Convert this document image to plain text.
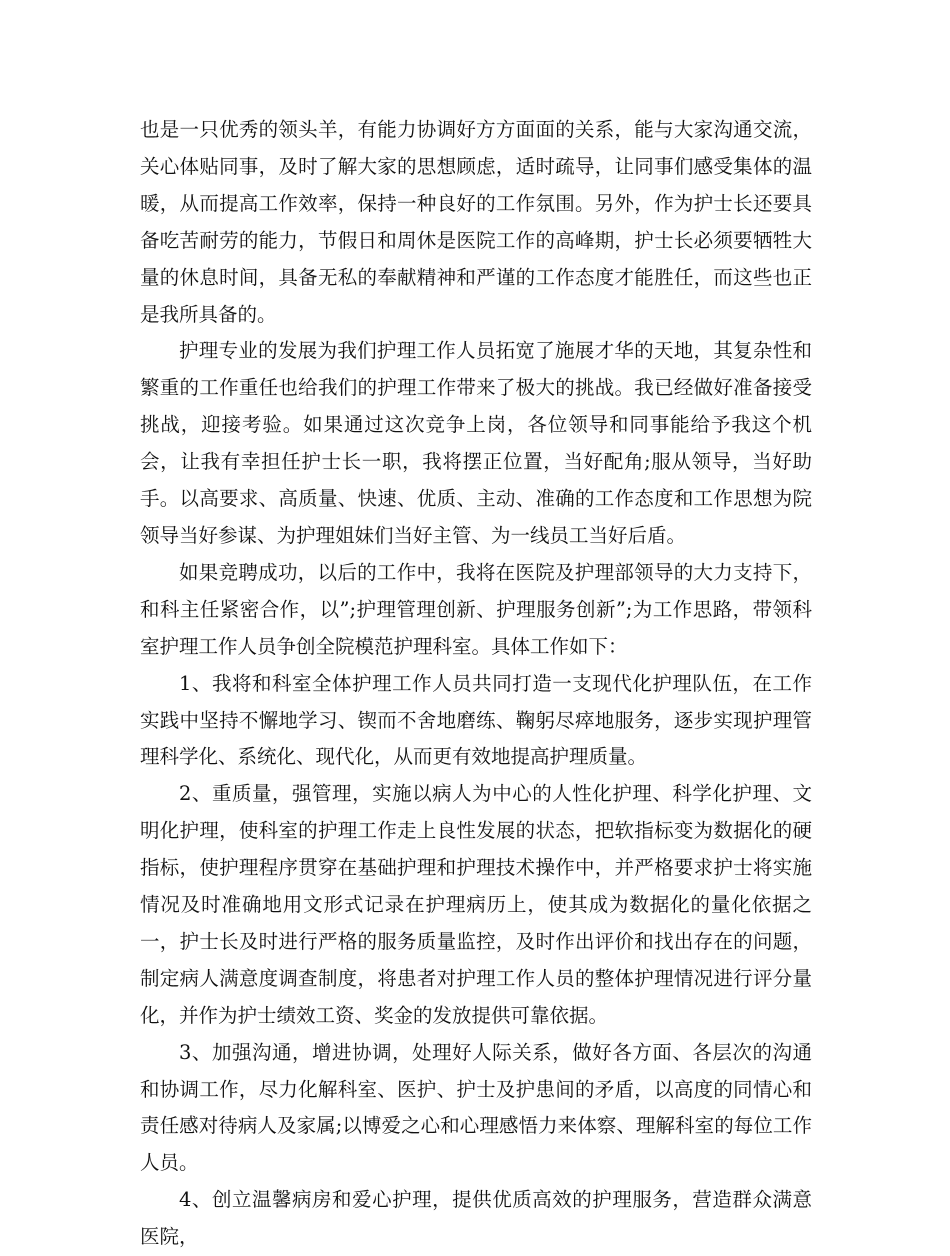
也是一只优秀的领头羊，有能力协调好方方面面的关系，能与大家沟通交流，关心体贴同事，及时了解大家的思想顾虑，适时疏导，让同事们感受集体的温暖，从而提高工作效率，保持一种良好的工作氛围。另外，作为护士长还要具备吃苦耐劳的能力，节假日和周休是医院工作的高峰期，护士长必须要牺牲大量的休息时间，具备无私的奉献精神和严谨的工作态度才能胜任，而这些也正是我所具备的。

护理专业的发展为我们护理工作人员拓宽了施展才华的天地，其复杂性和繁重的工作重任也给我们的护理工作带来了极大的挑战。我已经做好准备接受挑战，迎接考验。如果通过这次竞争上岗，各位领导和同事能给予我这个机会，让我有幸担任护士长一职，我将摆正位置，当好配角;服从领导，当好助手。以高要求、高质量、快速、优质、主动、准确的工作态度和工作思想为院领导当好参谋、为护理姐妹们当好主管、为一线员工当好后盾。

如果竞聘成功，以后的工作中，我将在医院及护理部领导的大力支持下，和科主任紧密合作，以”;护理管理创新、护理服务创新”;为工作思路，带领科室护理工作人员争创全院模范护理科室。具体工作如下：

1、我将和科室全体护理工作人员共同打造一支现代化护理队伍，在工作实践中坚持不懈地学习、锲而不舍地磨练、鞠躬尽瘁地服务，逐步实现护理管理科学化、系统化、现代化，从而更有效地提高护理质量。

2、重质量，强管理，实施以病人为中心的人性化护理、科学化护理、文明化护理，使科室的护理工作走上良性发展的状态，把软指标变为数据化的硬指标，使护理程序贯穿在基础护理和护理技术操作中，并严格要求护士将实施情况及时准确地用文形式记录在护理病历上，使其成为数据化的量化依据之一，护士长及时进行严格的服务质量监控，及时作出评价和找出存在的问题，制定病人满意度调查制度，将患者对护理工作人员的整体护理情况进行评分量化，并作为护士绩效工资、奖金的发放提供可靠依据。

3、加强沟通，增进协调，处理好人际关系，做好各方面、各层次的沟通和协调工作，尽力化解科室、医护、护士及护患间的矛盾，以高度的同情心和责任感对待病人及家属;以博爱之心和心理感悟力来体察、理解科室的每位工作人员。

4、创立温馨病房和爱心护理，提供优质高效的护理服务，营造群众满意医院，
